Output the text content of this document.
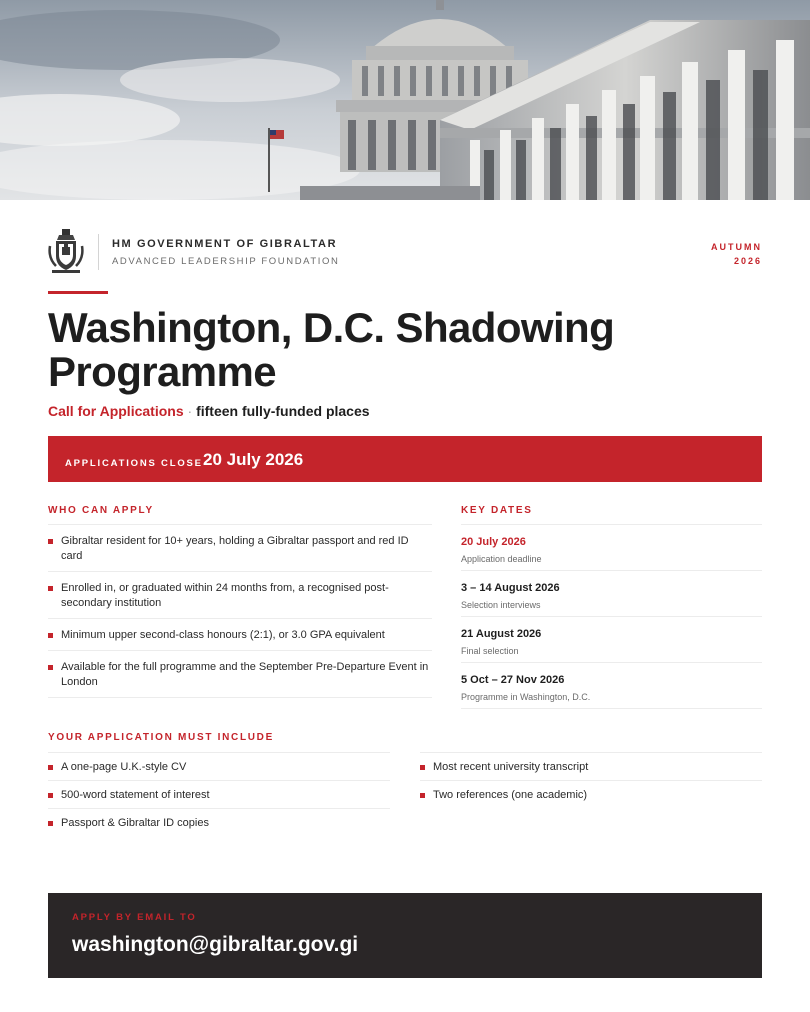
HM GOVERNMENT OF GIBRALTAR
ADVANCED LEADERSHIP FOUNDATION
AUTUMN
2026
Washington, D.C. Shadowing Programme
Call for Applications · fifteen fully-funded places
APPLICATIONS CLOSE 20 July 2026
WHO CAN APPLY
Gibraltar resident for 10+ years, holding a Gibraltar passport and red ID card
Enrolled in, or graduated within 24 months from, a recognised post-secondary institution
Minimum upper second-class honours (2:1), or 3.0 GPA equivalent
Available for the full programme and the September Pre-Departure Event in London
KEY DATES
20 July 2026
Application deadline
3 – 14 August 2026
Selection interviews
21 August 2026
Final selection
5 Oct – 27 Nov 2026
Programme in Washington, D.C.
YOUR APPLICATION MUST INCLUDE
A one-page U.K.-style CV
500-word statement of interest
Passport & Gibraltar ID copies
Most recent university transcript
Two references (one academic)
APPLY BY EMAIL TO
washington@gibraltar.gov.gi
